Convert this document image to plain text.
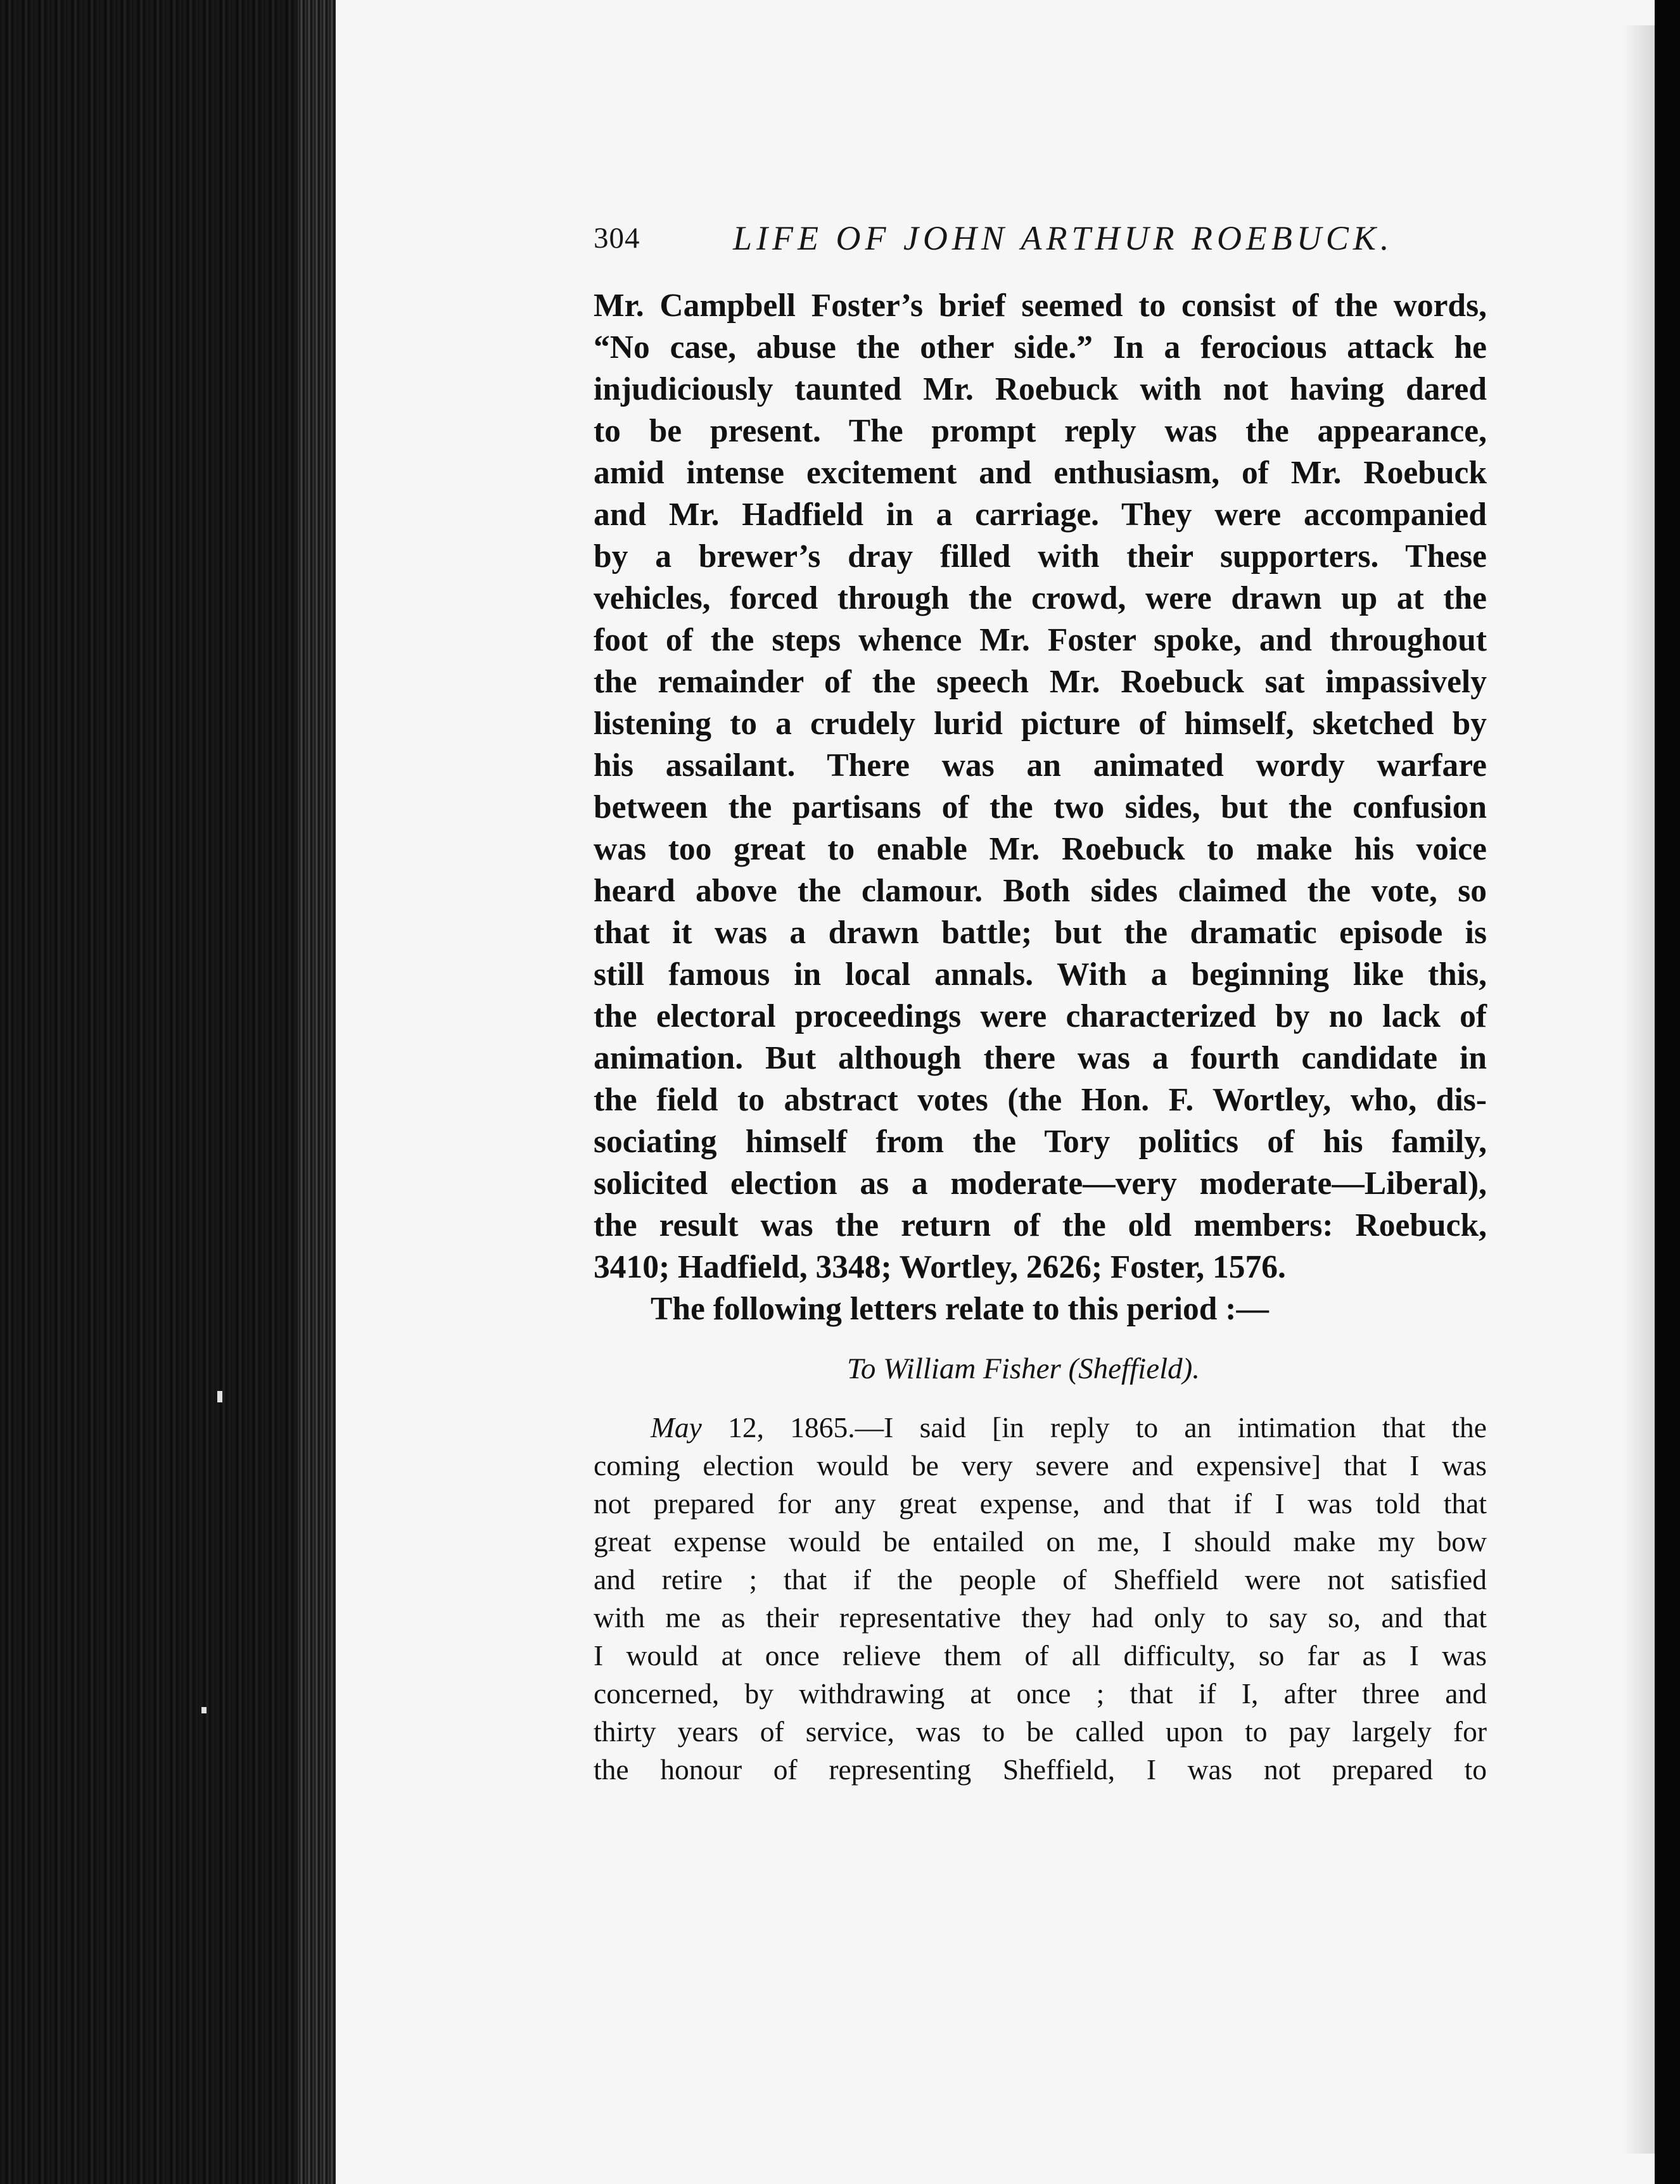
304	LIFE OF JOHN ARTHUR ROEBUCK.
Mr. Campbell Foster’s brief seemed to consist of the words,
“No case, abuse the other side.” In a ferocious attack he
injudiciously taunted Mr. Roebuck with not having dared
to be present. The prompt reply was the appearance,
amid intense excitement and enthusiasm, of Mr. Roebuck
and Mr. Hadfield in a carriage. They were accompanied
by a brewer’s dray filled with their supporters. These
vehicles, forced through the crowd, were drawn up at the
foot of the steps whence Mr. Foster spoke, and throughout
the remainder of the speech Mr. Roebuck sat impassively
listening to a crudely lurid picture of himself, sketched by
his assailant. There was an animated wordy warfare
between the partisans of the two sides, but the confusion
was too great to enable Mr. Roebuck to make his voice
heard above the clamour. Both sides claimed the vote, so
that it was a drawn battle; but the dramatic episode is
still famous in local annals. With a beginning like this,
the electoral proceedings were characterized by no lack of
animation. But although there was a fourth candidate in
the field to abstract votes (the Hon. F. Wortley, who, dis-
sociating himself from the Tory politics of his family,
solicited election as a moderate—very moderate—Liberal),
the result was the return of the old members: Roebuck,
3410; Hadfield, 3348; Wortley, 2626; Foster, 1576.
The following letters relate to this period :—
To William Fisher (Sheffield).
May 12, 1865.—I said [in reply to an intimation that the
coming election would be very severe and expensive] that I was
not prepared for any great expense, and that if I was told that
great expense would be entailed on me, I should make my bow
and retire ; that if the people of Sheffield were not satisfied
with me as their representative they had only to say so, and that
I would at once relieve them of all difficulty, so far as I was
concerned, by withdrawing at once ; that if I, after three and
thirty years of service, was to be called upon to pay largely for
the honour of representing Sheffield, I was not prepared to
